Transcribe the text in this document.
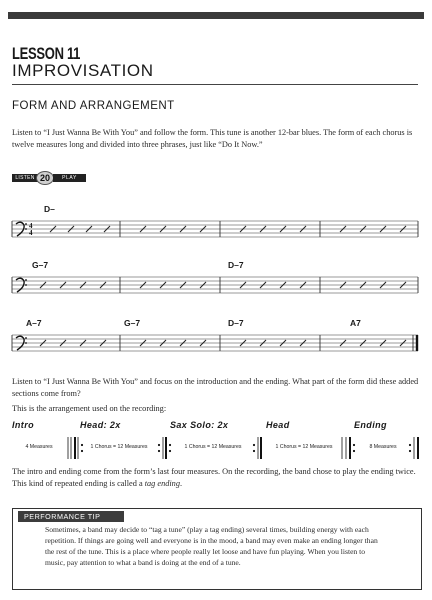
LESSON 11
IMPROVISATION
FORM AND ARRANGEMENT
Listen to “I Just Wanna Be With You” and follow the form. This tune is another 12-bar blues. The form of each chorus is twelve measures long and divided into three phrases, just like “Do It Now.”
LISTEN 20	PLAY
D–
4
4
G–7	D–7
A–7	G–7	D–7	A7
Listen to “I Just Wanna Be With You” and focus on the introduction and the ending. What part of the form did these added sections come from?
This is the arrangement used on the recording:
Intro	Head: 2x	Sax Solo: 2x	Head	Ending
4 Measures	1 Chorus = 12 Measures	1 Chorus = 12 Measures	1 Chorus = 12 Measures	8 Measures
The intro and ending come from the form’s last four measures. On the recording, the band chose to play the ending twice. This kind of repeated ending is called a tag ending.
PERFORMANCE TIP
Sometimes, a band may decide to “tag a tune” (play a tag ending) several times, building energy with each repetition. If things are going well and everyone is in the mood, a band may even make an ending longer than the rest of the tune. This is a place where people really let loose and have fun playing. When you listen to music, pay attention to what a band is doing at the end of a tune.
